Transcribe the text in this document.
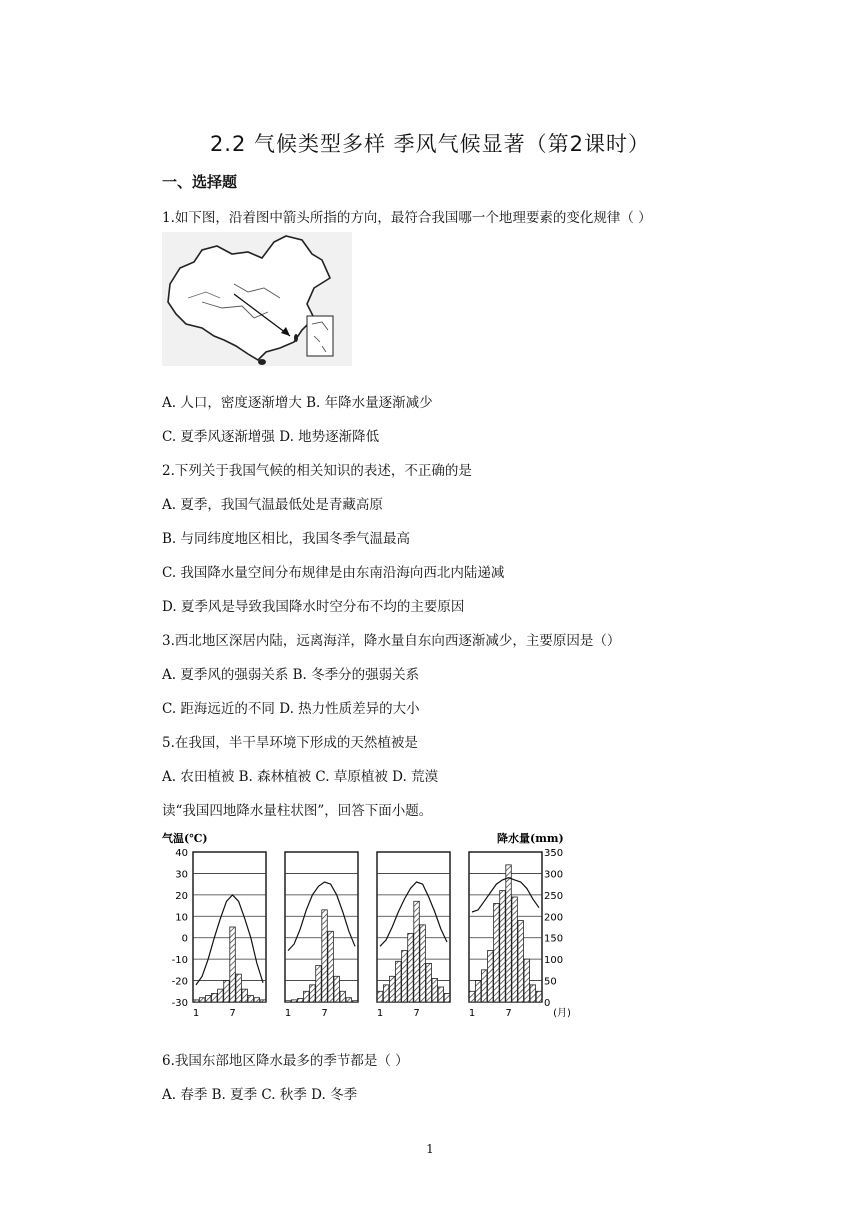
2.2 气候类型多样 季风气候显著（第2课时）
一、选择题
1.如下图，沿着图中箭头所指的方向，最符合我国哪一个地理要素的变化规律（ ）
A. 人口，密度逐渐增大 B. 年降水量逐渐减少
C. 夏季风逐渐增强 D. 地势逐渐降低
2.下列关于我国气候的相关知识的表述，不正确的是
A. 夏季，我国气温最低处是青藏高原
B. 与同纬度地区相比，我国冬季气温最高
C. 我国降水量空间分布规律是由东南沿海向西北内陆递减
D. 夏季风是导致我国降水时空分布不均的主要原因
3.西北地区深居内陆，远离海洋，降水量自东向西逐渐减少，主要原因是（）
A. 夏季风的强弱关系 B. 冬季分的强弱关系
C. 距海远近的不同 D. 热力性质差异的大小
5.在我国，半干旱环境下形成的天然植被是
A. 农田植被 B. 森林植被 C. 草原植被 D. 荒漠
读“我国四地降水量柱状图”，回答下面小题。
气温(℃)	降水量(mm)
40
30
20
10
0
-10
-20
-30
350
300
250
200
150
100
50
0
1	7	1	7	1	7	1	7	(月)
6.我国东部地区降水最多的季节都是（ ）
A. 春季 B. 夏季 C. 秋季 D. 冬季
1
